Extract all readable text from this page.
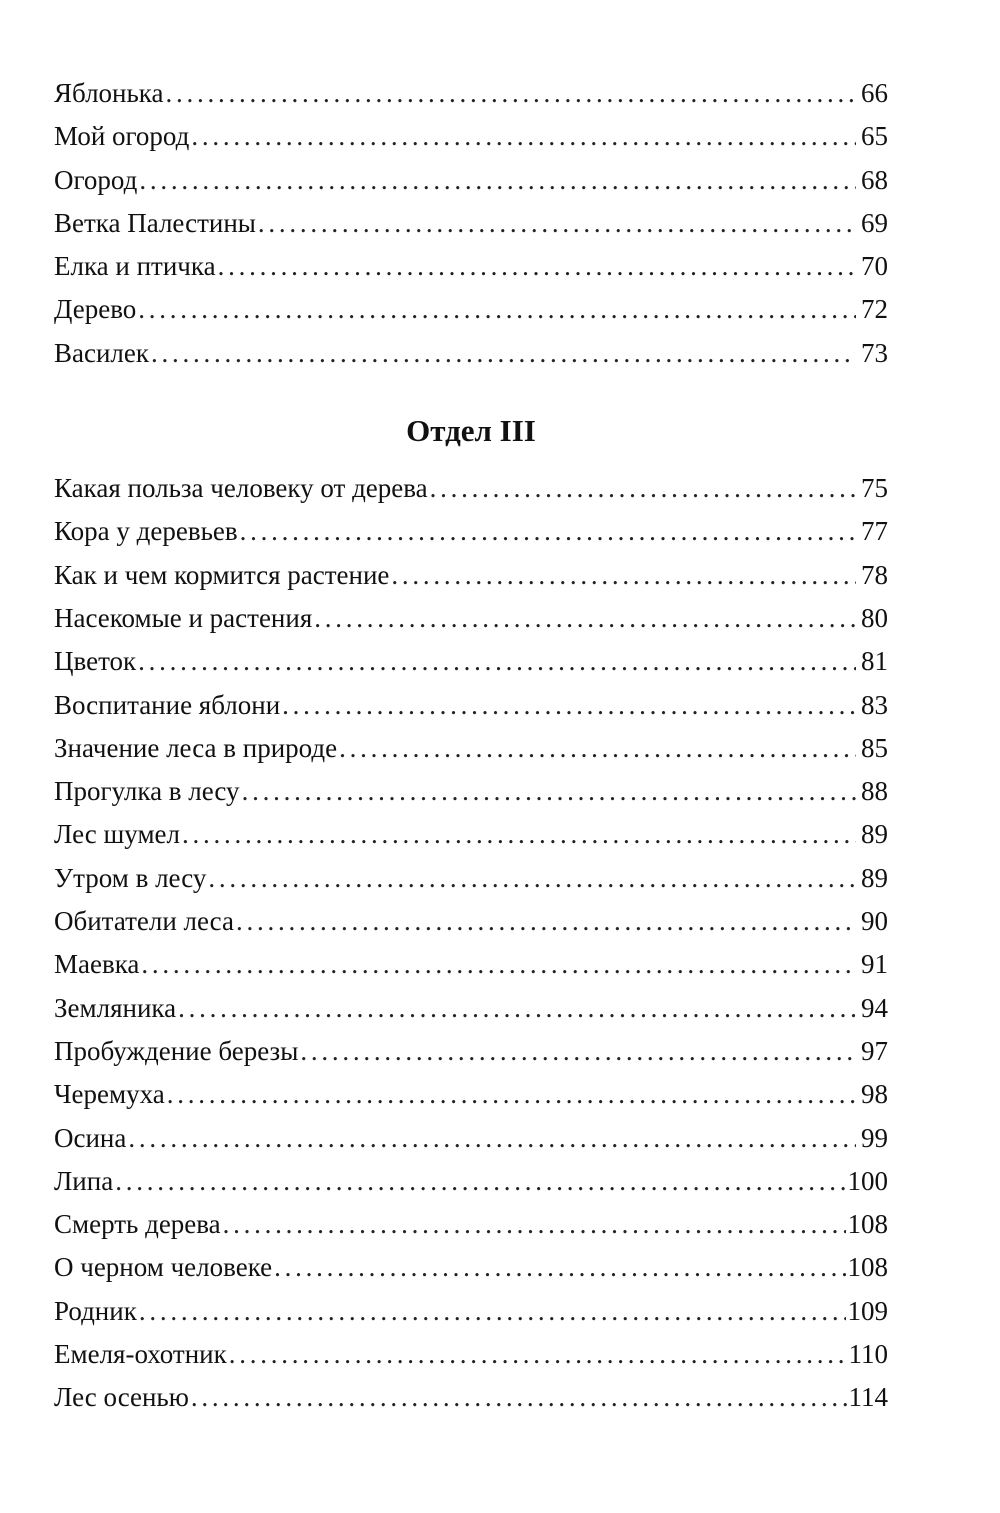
Яблонька . . .	66
Мой огород . . .	65
Огород . . .	68
Ветка Палестины . . .	69
Елка и птичка . . .	70
Дерево . . .	72
Василек . . .	73
Отдел III
Какая польза человеку от дерева . . .	75
Кора у деревьев . . .	77
Как и чем кормится растение . . .	78
Насекомые и растения . . .	80
Цветок . . .	81
Воспитание яблони . . .	83
Значение леса в природе . . .	85
Прогулка в лесу . . .	88
Лес шумел . . .	89
Утром в лесу . . .	89
Обитатели леса . . .	90
Маевка . . .	91
Земляника . . .	94
Пробуждение березы . . .	97
Черемуха . . .	98
Осина . . .	99
Липа . . .	100
Смерть дерева . . .	108
О черном человеке . . .	108
Родник . . .	109
Емеля-охотник . . .	110
Лес осенью . . .	114
